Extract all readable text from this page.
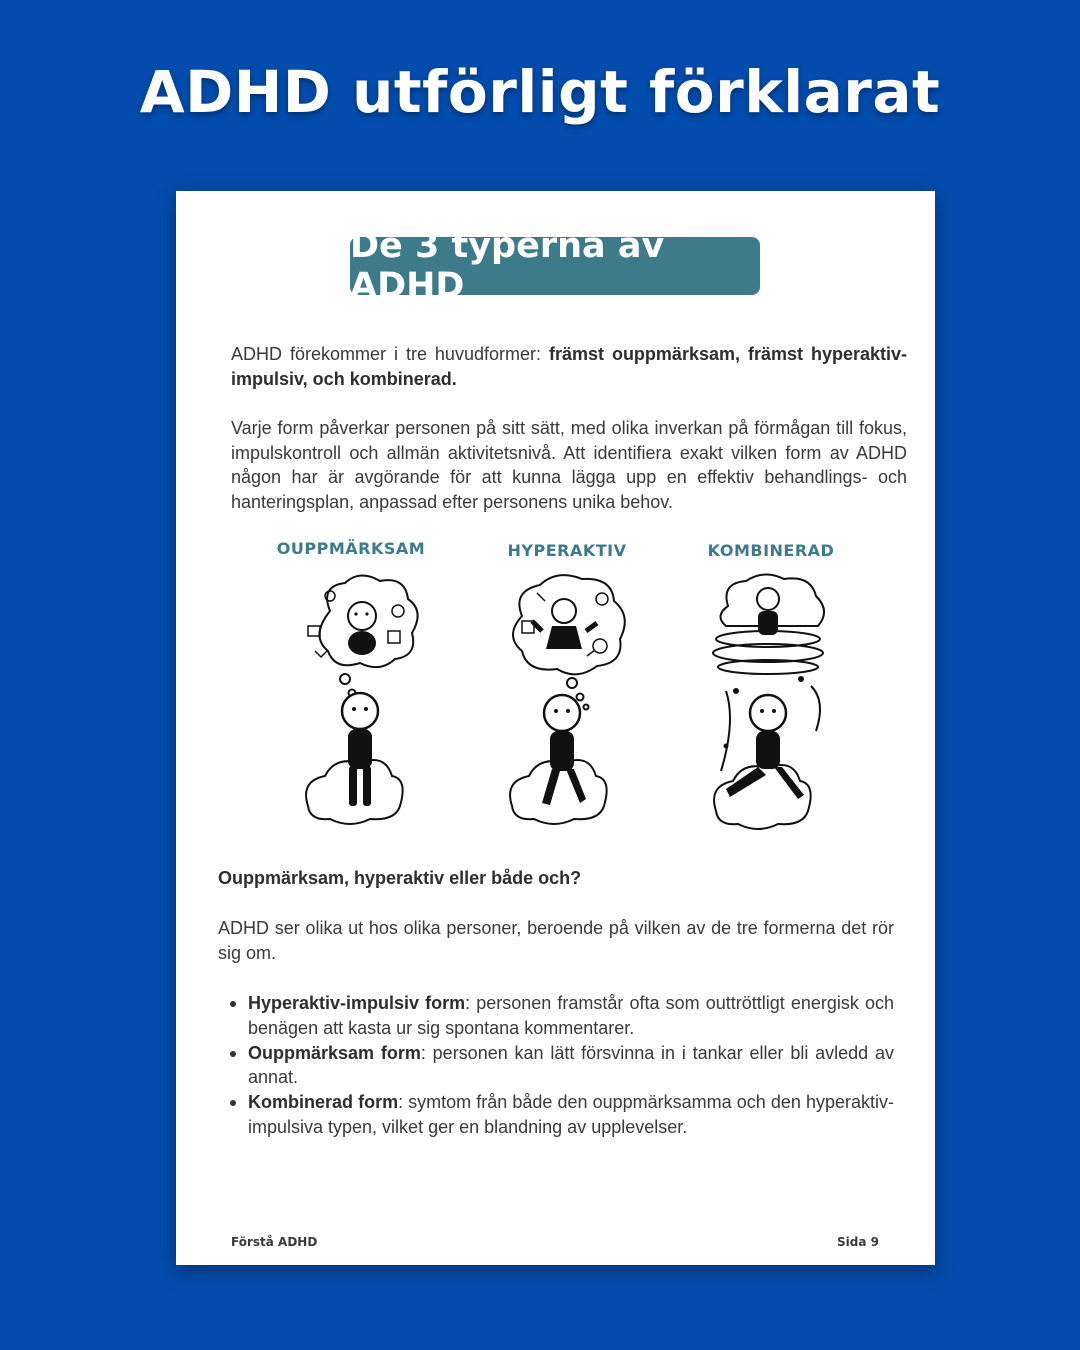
ADHD utförligt förklarat
De 3 typerna av ADHD

ADHD förekommer i tre huvudformer: främst ouppmärksam, främst hyperaktiv-impulsiv, och kombinerad.

Varje form påverkar personen på sitt sätt, med olika inverkan på förmågan till fokus, impulskontroll och allmän aktivitetsnivå. Att identifiera exakt vilken form av ADHD någon har är avgörande för att kunna lägga upp en effektiv behandlings- och hanteringsplan, anpassad efter personens unika behov.

OUPPMÄRKSAM	HYPERAKTIV	KOMBINERAD

Ouppmärksam, hyperaktiv eller både och?

ADHD ser olika ut hos olika personer, beroende på vilken av de tre formerna det rör sig om.

Hyperaktiv-impulsiv form: personen framstår ofta som outtröttligt energisk och benägen att kasta ur sig spontana kommentarer.
Ouppmärksam form: personen kan lätt försvinna in i tankar eller bli avledd av annat.
Kombinerad form: symtom från både den ouppmärksamma och den hyperaktiv-impulsiva typen, vilket ger en blandning av upplevelser.
Förstå ADHD	Sida 9
